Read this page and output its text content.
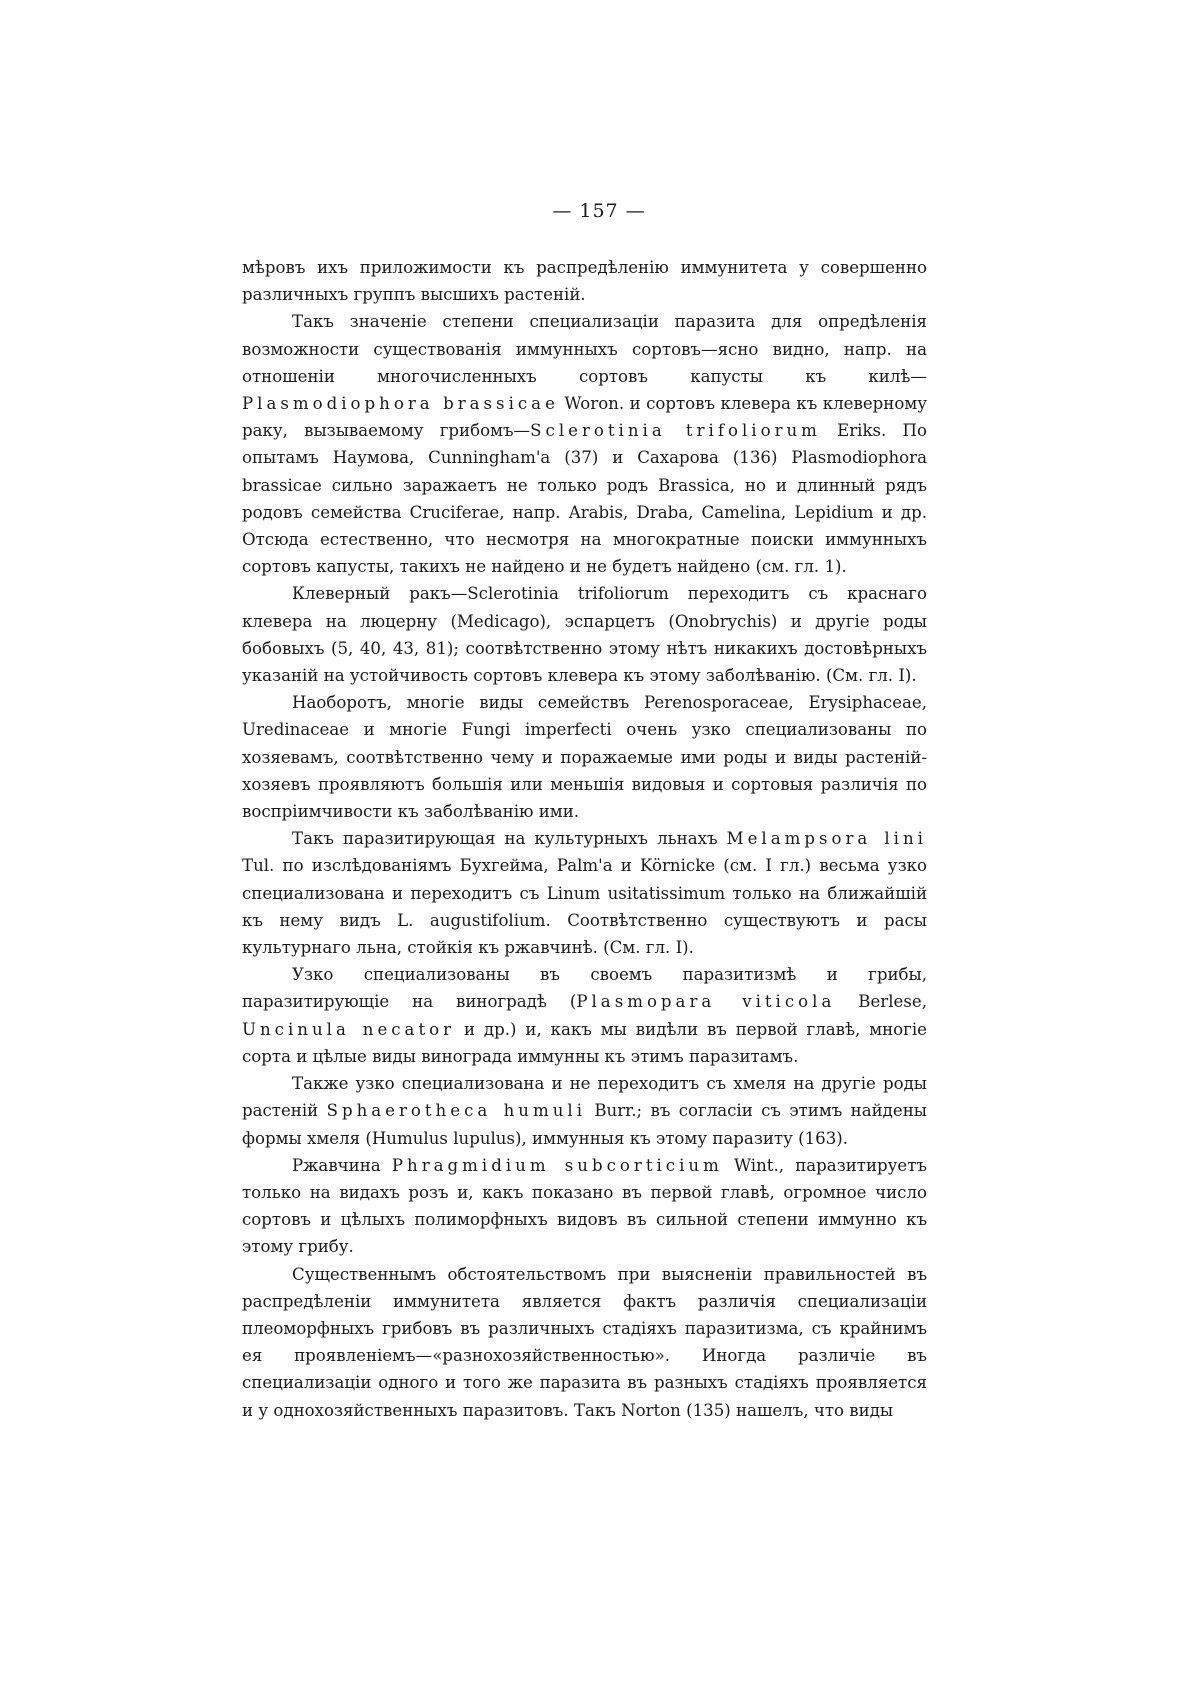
— 157 —

мѣровъ ихъ приложимости къ распредѣленію иммунитета у совершенно различныхъ группъ высшихъ растеній.

Такъ значеніе степени специализаціи паразита для опредѣленія возможности существованія иммунныхъ сортовъ—ясно видно, напр. на отношеніи многочисленныхъ сортовъ капусты къ килѣ—Plasmodiophora brassicae Woron. и сортовъ клевера къ клеверному раку, вызываемому грибомъ—Sclerotinia trifoliorum Eriks. По опытамъ Наумова, Cunningham'а (37) и Сахарова (136) Plasmodiophora brassicae сильно заражаетъ не только родъ Brassica, но и длинный рядъ родовъ семейства Cruciferae, напр. Arabis, Draba, Camelina, Lepidium и др. Отсюда естественно, что несмотря на многократные поиски иммунныхъ сортовъ капусты, такихъ не найдено и не будетъ найдено (см. гл. 1).

Клеверный ракъ—Sclerotinia trifoliorum переходитъ съ краснаго клевера на люцерну (Medicago), эспарцетъ (Onobrychis) и другіе роды бобовыхъ (5, 40, 43, 81); соотвѣтственно этому нѣтъ никакихъ достовѣрныхъ указаній на устойчивость сортовъ клевера къ этому заболѣванію. (См. гл. I).

Наоборотъ, многіе виды семействъ Perenosporaceae, Erysiphaceae, Uredinaceae и многіе Fungi imperfecti очень узко специализованы по хозяевамъ, соотвѣтственно чему и поражаемые ими роды и виды растеній-хозяевъ проявляютъ большія или меньшія видовыя и сортовыя различія по воспріимчивости къ заболѣванію ими.

Такъ паразитирующая на культурныхъ льнахъ Melampsora lini Tul. по изслѣдованіямъ Бухгейма, Palm'а и Körnicke (см. I гл.) весьма узко специализована и переходитъ съ Linum usitatissimum только на ближайшій къ нему видъ L. augustifolium. Соотвѣтственно существуютъ и расы культурнаго льна, стойкія къ ржавчинѣ. (См. гл. I).

Узко специализованы въ своемъ паразитизмѣ и грибы, паразитирующіе на виноградѣ (Plasmopara viticola Berlese, Uncinula necator и др.) и, какъ мы видѣли въ первой главѣ, многіе сорта и цѣлые виды винограда иммунны къ этимъ паразитамъ.

Также узко специализована и не переходитъ съ хмеля на другіе роды растеній Sphaerotheca humuli Burr.; въ согласіи съ этимъ найдены формы хмеля (Humulus lupulus), иммунныя къ этому паразиту (163).

Ржавчина Phragmidium subcorticium Wint., паразитируетъ только на видахъ розъ и, какъ показано въ первой главѣ, огромное число сортовъ и цѣлыхъ полиморфныхъ видовъ въ сильной степени иммунно къ этому грибу.

Существеннымъ обстоятельствомъ при выясненіи правильностей въ распредѣленіи иммунитета является фактъ различія специализаціи плеоморфныхъ грибовъ въ различныхъ стадіяхъ паразитизма, съ крайнимъ ея проявленіемъ—«разнохозяйственностью». Иногда различіе въ специализаціи одного и того же паразита въ разныхъ стадіяхъ проявляется и у однохозяйственныхъ паразитовъ. Такъ Norton (135) нашелъ, что виды
